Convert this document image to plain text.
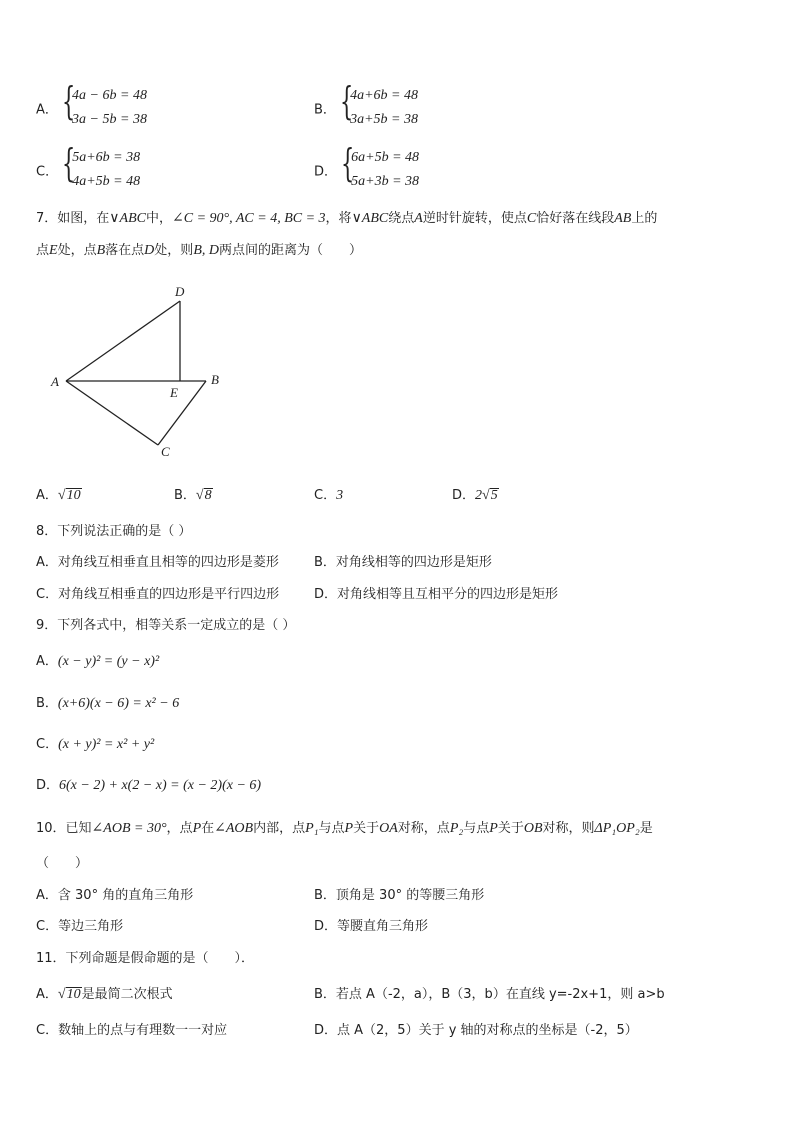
A． {
4a − 6b = 48
3a − 5b = 38
B． {
4a+6b = 48
3a+5b = 38
C． {
5a+6b = 38
4a+5b = 48
D． {
6a+5b = 48
5a+3b = 38
7．如图，在∨ABC中，∠C = 90°, AC = 4, BC = 3，将∨ABC绕点A逆时针旋转，使点C恰好落在线段AB上的
点E处，点B落在点D处，则B, D两点间的距离为（　　）
D
A
E
B
C
A．√10	B．√8	C．3	D．2√5
8．下列说法正确的是（ ）
A．对角线互相垂直且相等的四边形是菱形	B．对角线相等的四边形是矩形
C．对角线互相垂直的四边形是平行四边形	D．对角线相等且互相平分的四边形是矩形
9．下列各式中，相等关系一定成立的是（ ）
A．(x − y)² = (y − x)²
B．(x+6)(x − 6) = x² − 6
C．(x + y)² = x² + y²
D．6(x − 2) + x(2 − x) = (x − 2)(x − 6)
10．已知∠AOB = 30°，点P在∠AOB内部，点P₁与点P关于OA对称，点P₂与点P关于OB对称，则ΔP₁OP₂是
（　　）
A．含 30° 角的直角三角形	B．顶角是 30° 的等腰三角形
C．等边三角形	D．等腰直角三角形
11．下列命题是假命题的是（　　）．
A．√10是最简二次根式	B．若点 A（-2，a），B（3，b）在直线 y=-2x+1，则 a>b
C．数轴上的点与有理数一一对应	D．点 A（2，5）关于 y 轴的对称点的坐标是（-2，5）
